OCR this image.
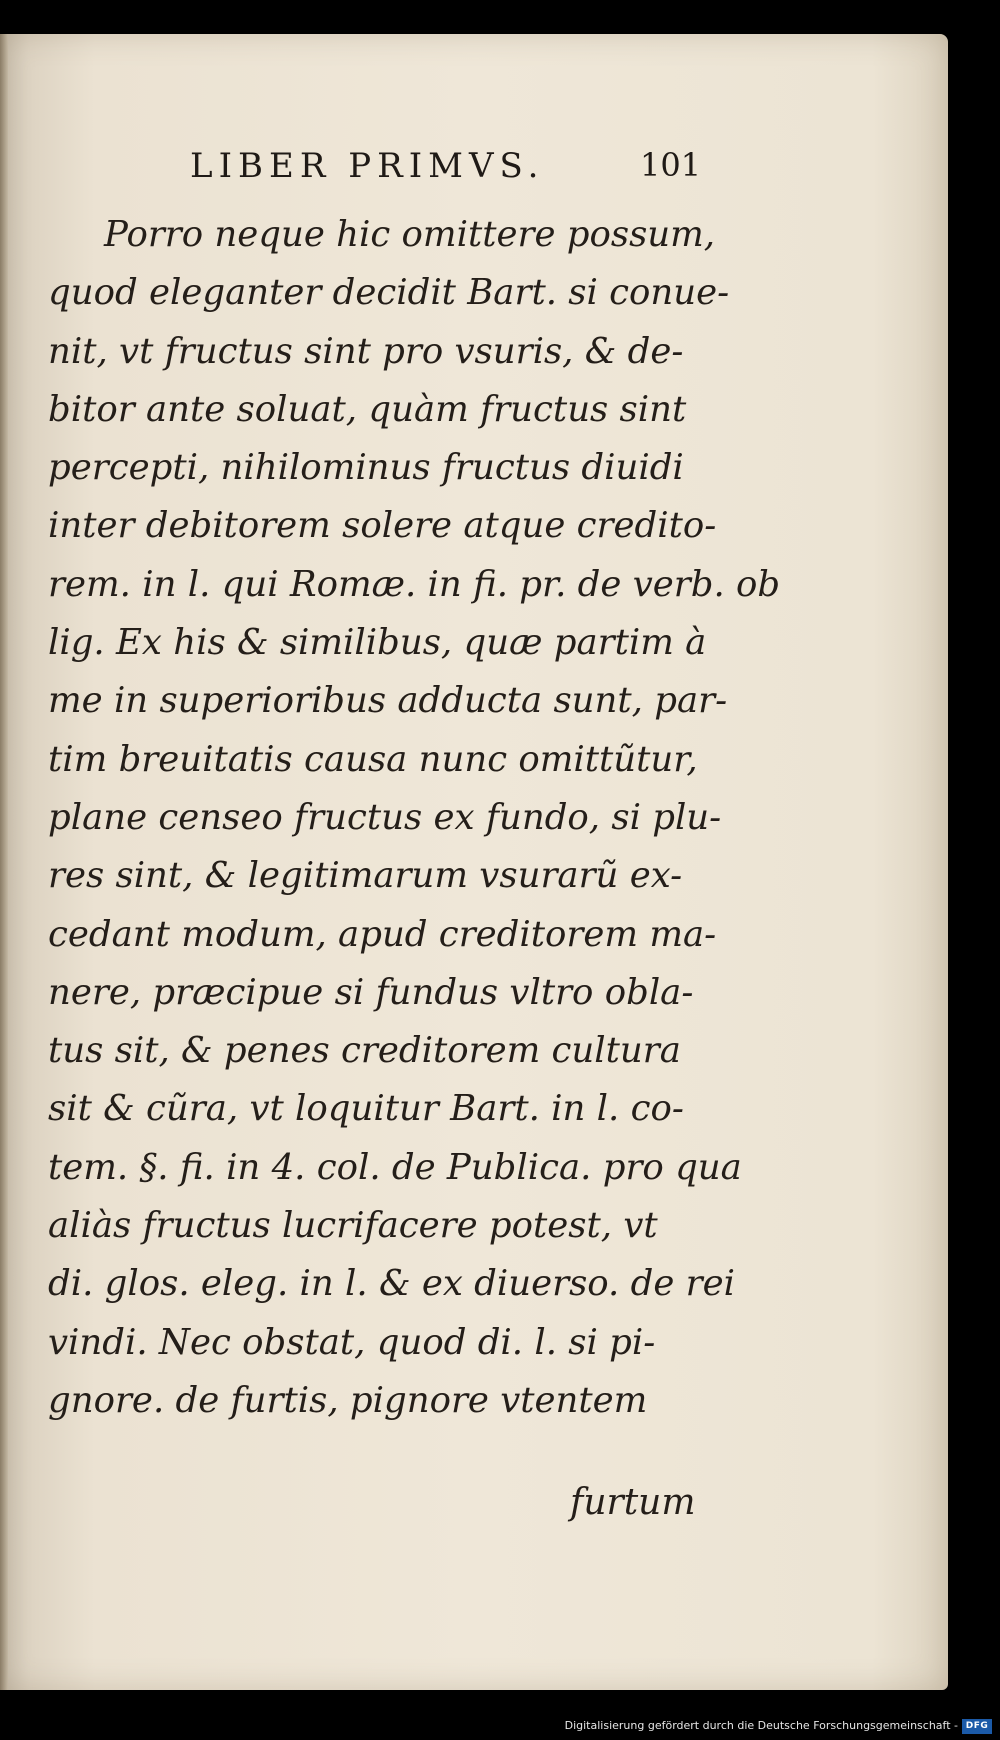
LIBER PRIMVS.	101
Porro neque hic omittere possum,
quod eleganter decidit Bart. si conue-
nit, vt fructus sint pro vsuris, & de-
bitor ante soluat, quàm fructus sint
percepti, nihilominus fructus diuidi
inter debitorem solere atque credito-
rem. in l. qui Romæ. in fi. pr. de verb. ob
lig. Ex his & similibus, quæ partim à
me in superioribus adducta sunt, par-
tim breuitatis causa nunc omittũtur,
plane censeo fructus ex fundo, si plu-
res sint, & legitimarum vsurarũ ex-
cedant modum, apud creditorem ma-
nere, præcipue si fundus vltro obla-
tus sit, & penes creditorem cultura
sit & cũra, vt loquitur Bart. in l. co-
tem. §. fi. in 4. col. de Publica. pro qua
aliàs fructus lucrifacere potest, vt
di. glos. eleg. in l. & ex diuerso. de rei
vindi. Nec obstat, quod di. l. si pi-
gnore. de furtis, pignore vtentem
furtum
Digitalisierung gefördert durch die Deutsche Forschungsgemeinschaft - DFG
